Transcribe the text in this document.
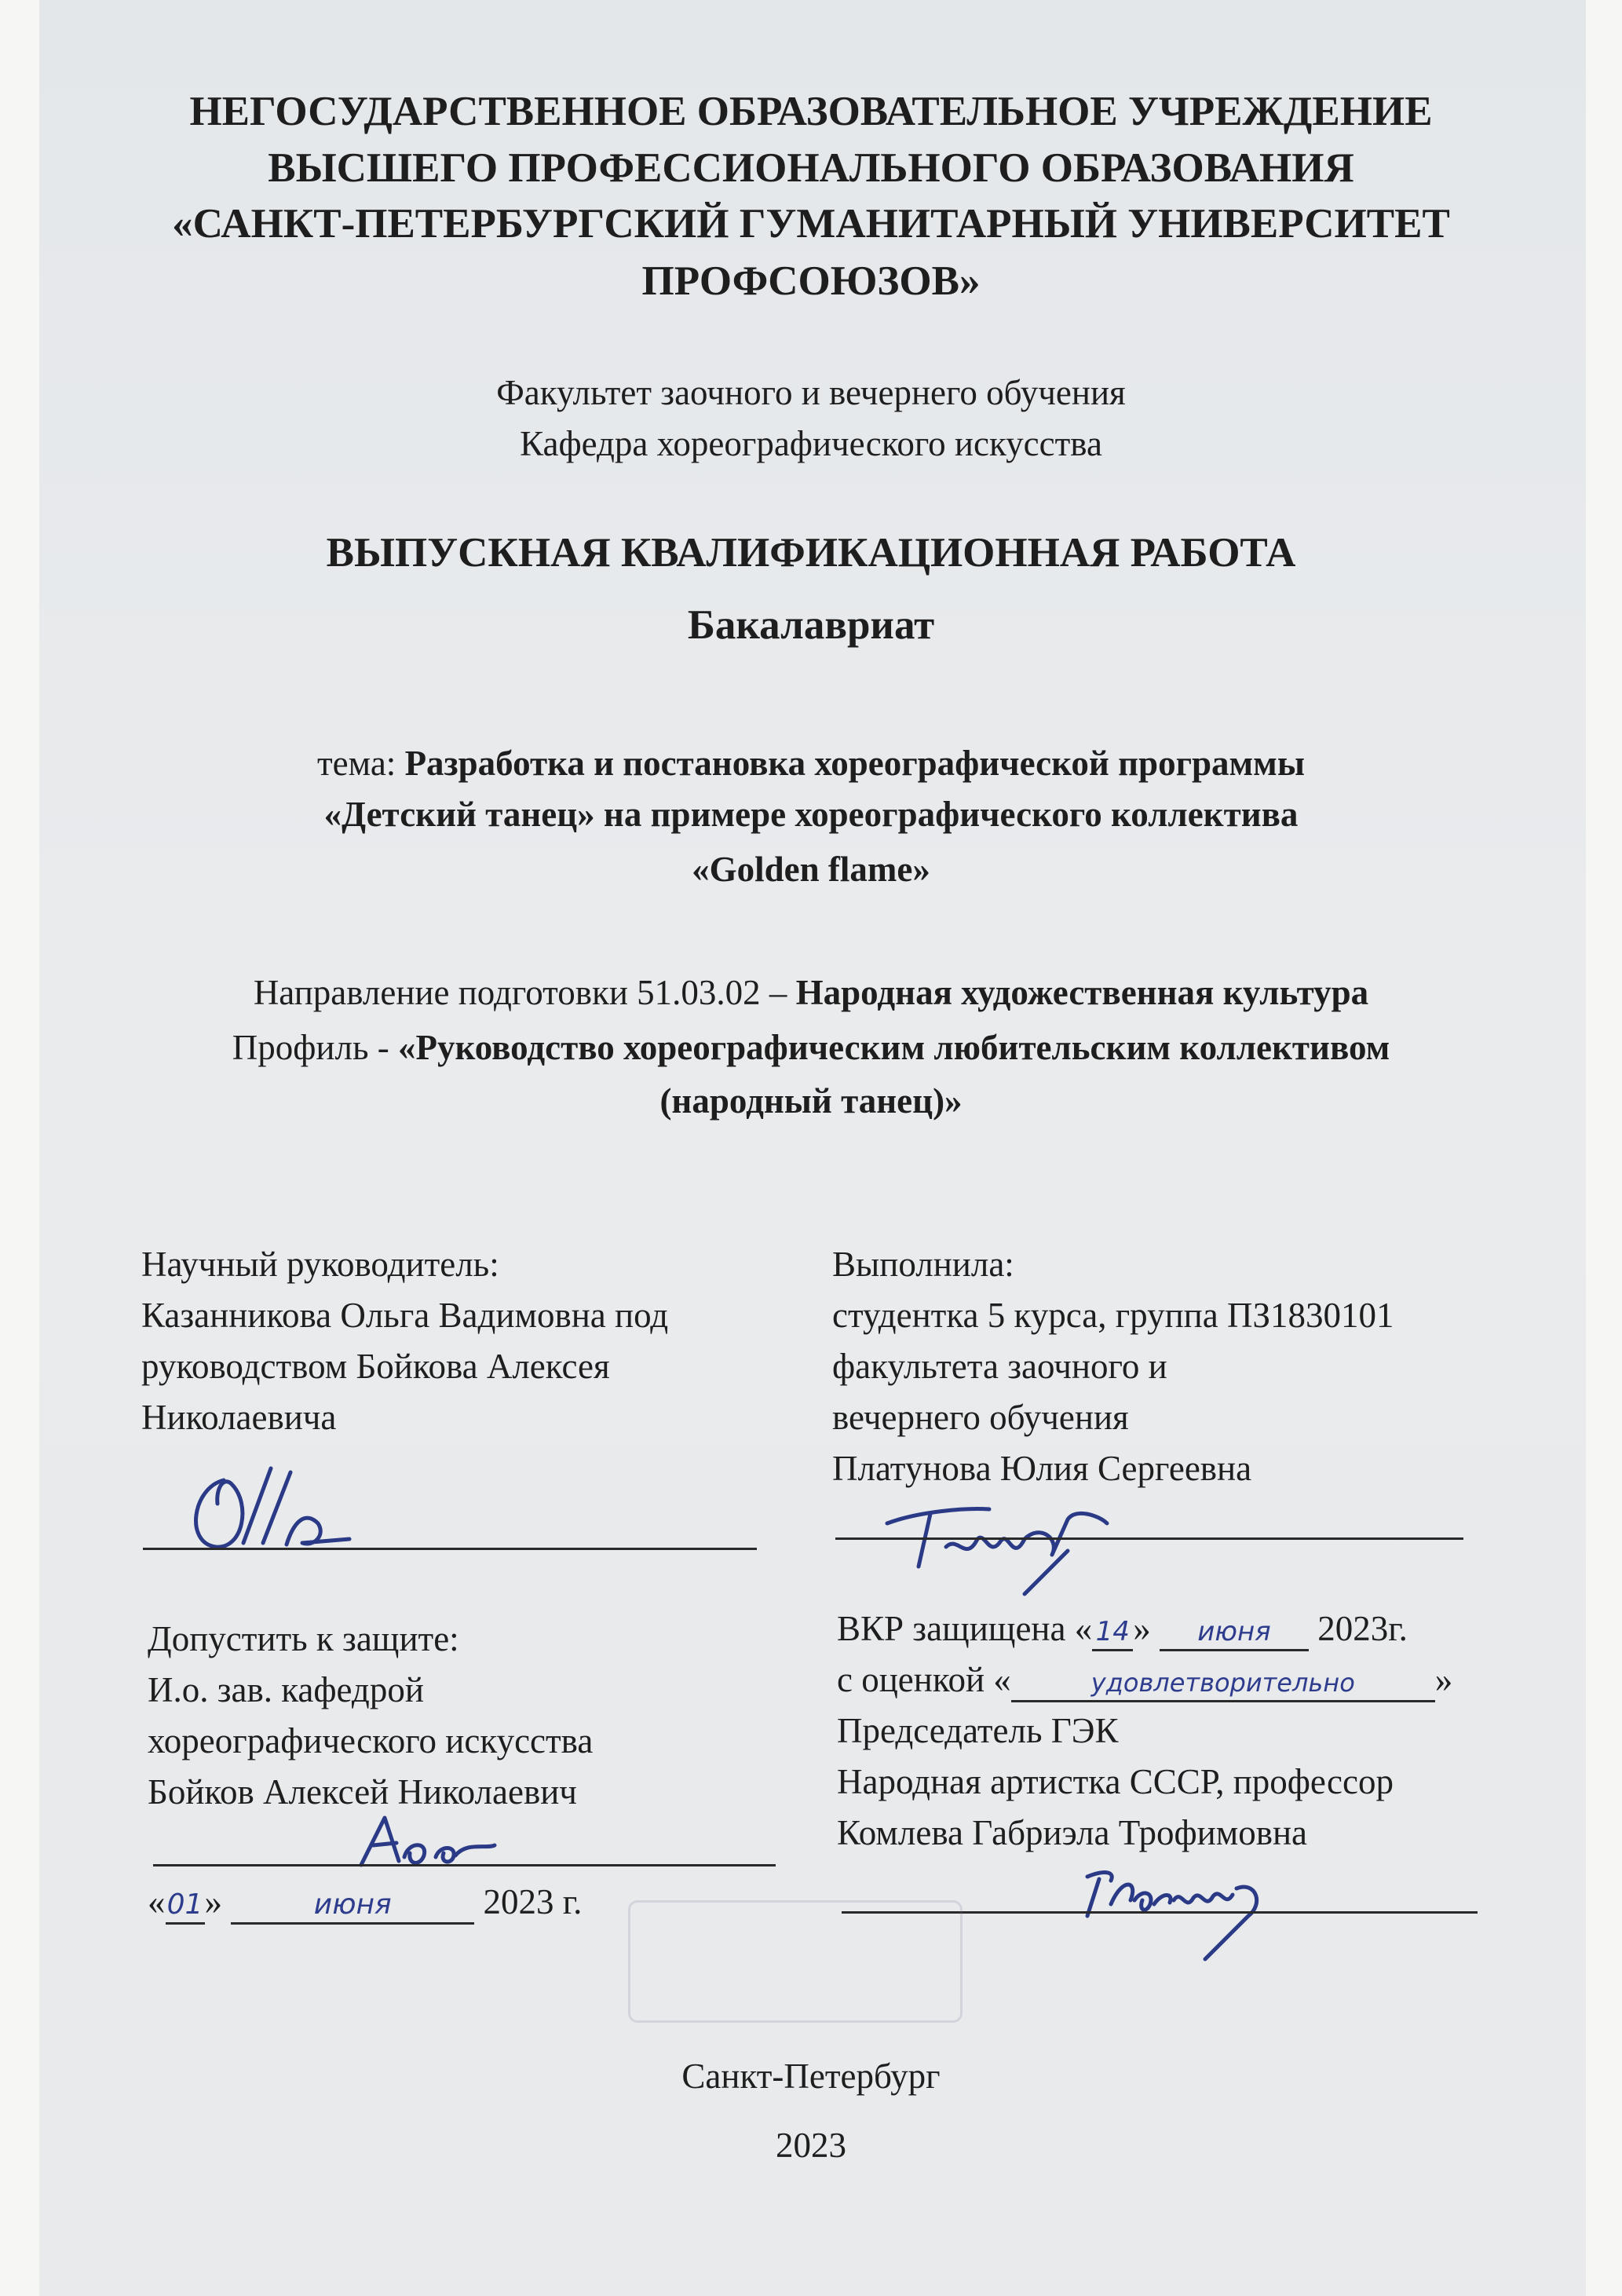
НЕГОСУДАРСТВЕННОЕ ОБРАЗОВАТЕЛЬНОЕ УЧРЕЖДЕНИЕ
ВЫСШЕГО ПРОФЕССИОНАЛЬНОГО ОБРАЗОВАНИЯ
«САНКТ-ПЕТЕРБУРГСКИЙ ГУМАНИТАРНЫЙ УНИВЕРСИТЕТ
ПРОФСОЮЗОВ»
Факультет заочного и вечернего обучения
Кафедра хореографического искусства
ВЫПУСКНАЯ КВАЛИФИКАЦИОННАЯ РАБОТА
Бакалавриат
тема: Разработка и постановка хореографической программы
«Детский танец» на примере хореографического коллектива
«Golden flame»
Направление подготовки 51.03.02 – Народная художественная культура
Профиль - «Руководство хореографическим любительским коллективом
(народный танец)»
Научный руководитель:
Казанникова Ольга Вадимовна под
руководством Бойкова Алексея
Николаевича
Выполнила:
студентка 5 курса, группа ПЗ1830101
факультета заочного и
вечернего обучения
Платунова Юлия Сергеевна
Допустить к защите:
И.о. зав. кафедрой
хореографического искусства
Бойков Алексей Николаевич
«01»	июня 2023 г.
ВКР защищена « 14» июня 2023г.
с оценкой «	удовлетворительно »
Председатель ГЭК
Народная артистка СССР, профессор
Комлева Габриэла Трофимовна
Санкт-Петербург
2023
